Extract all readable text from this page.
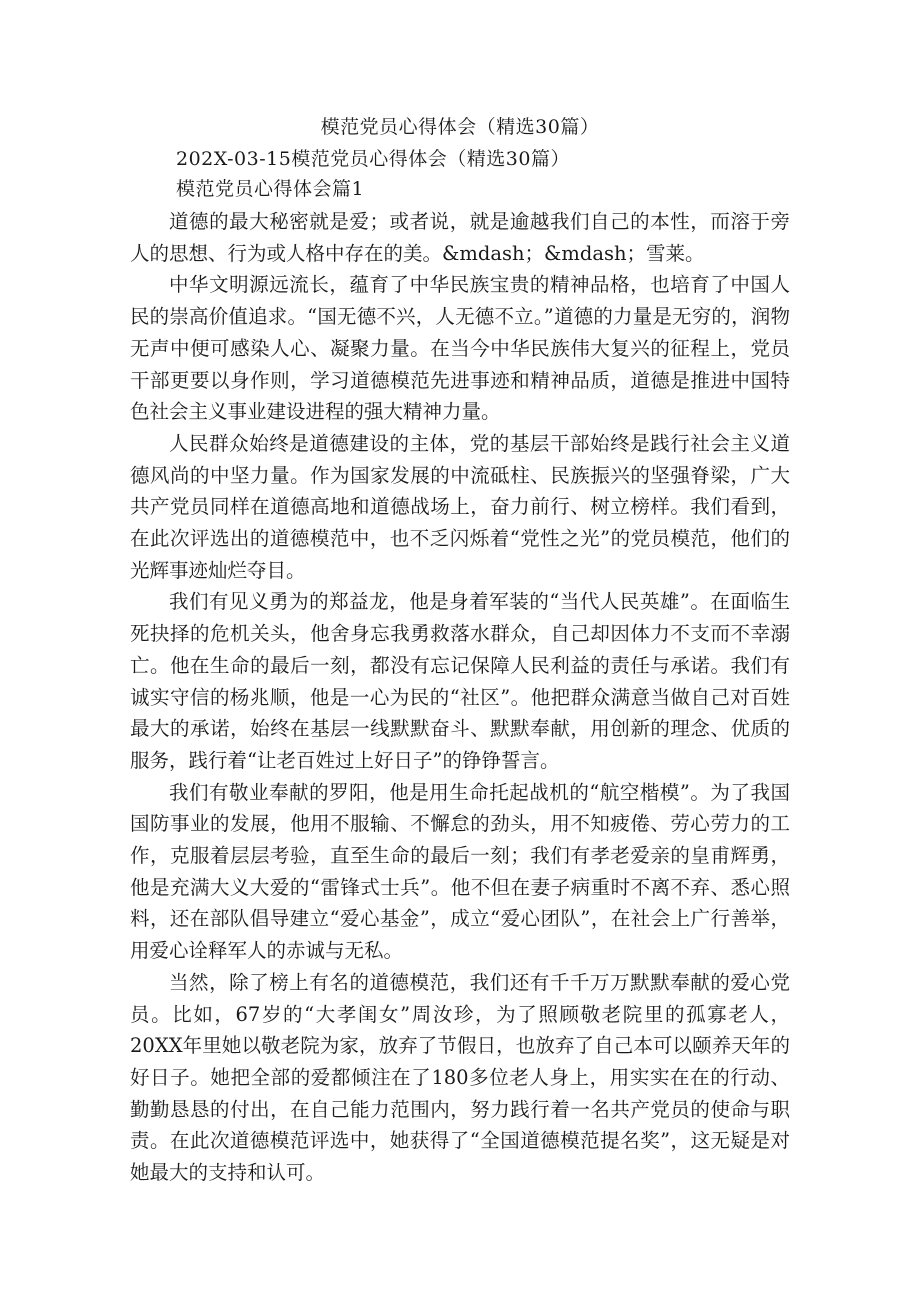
模范党员心得体会（精选30篇）
202X-03-15模范党员心得体会（精选30篇）
模范党员心得体会篇1

道德的最大秘密就是爱；或者说，就是逾越我们自己的本性，而溶于旁人的思想、行为或人格中存在的美。&mdash；&mdash；雪莱。

中华文明源远流长，蕴育了中华民族宝贵的精神品格，也培育了中国人民的崇高价值追求。“国无德不兴，人无德不立。”道德的力量是无穷的，润物无声中便可感染人心、凝聚力量。在当今中华民族伟大复兴的征程上，党员干部更要以身作则，学习道德模范先进事迹和精神品质，道德是推进中国特色社会主义事业建设进程的强大精神力量。

人民群众始终是道德建设的主体，党的基层干部始终是践行社会主义道德风尚的中坚力量。作为国家发展的中流砥柱、民族振兴的坚强脊梁，广大共产党员同样在道德高地和道德战场上，奋力前行、树立榜样。我们看到，在此次评选出的道德模范中，也不乏闪烁着“党性之光”的党员模范，他们的光辉事迹灿烂夺目。

我们有见义勇为的郑益龙，他是身着军装的“当代人民英雄”。在面临生死抉择的危机关头，他舍身忘我勇救落水群众，自己却因体力不支而不幸溺亡。他在生命的最后一刻，都没有忘记保障人民利益的责任与承诺。我们有诚实守信的杨兆顺，他是一心为民的“社区”。他把群众满意当做自己对百姓最大的承诺，始终在基层一线默默奋斗、默默奉献，用创新的理念、优质的服务，践行着“让老百姓过上好日子”的铮铮誓言。

我们有敬业奉献的罗阳，他是用生命托起战机的“航空楷模”。为了我国国防事业的发展，他用不服输、不懈怠的劲头，用不知疲倦、劳心劳力的工作，克服着层层考验，直至生命的最后一刻；我们有孝老爱亲的皇甫辉勇，他是充满大义大爱的“雷锋式士兵”。他不但在妻子病重时不离不弃、悉心照料，还在部队倡导建立“爱心基金”，成立“爱心团队”，在社会上广行善举，用爱心诠释军人的赤诚与无私。

当然，除了榜上有名的道德模范，我们还有千千万万默默奉献的爱心党员。比如，67岁的“大孝闺女”周汝珍，为了照顾敬老院里的孤寡老人，20XX年里她以敬老院为家，放弃了节假日，也放弃了自己本可以颐养天年的好日子。她把全部的爱都倾注在了180多位老人身上，用实实在在的行动、勤勤恳恳的付出，在自己能力范围内，努力践行着一名共产党员的使命与职责。在此次道德模范评选中，她获得了“全国道德模范提名奖”，这无疑是对她最大的支持和认可。
